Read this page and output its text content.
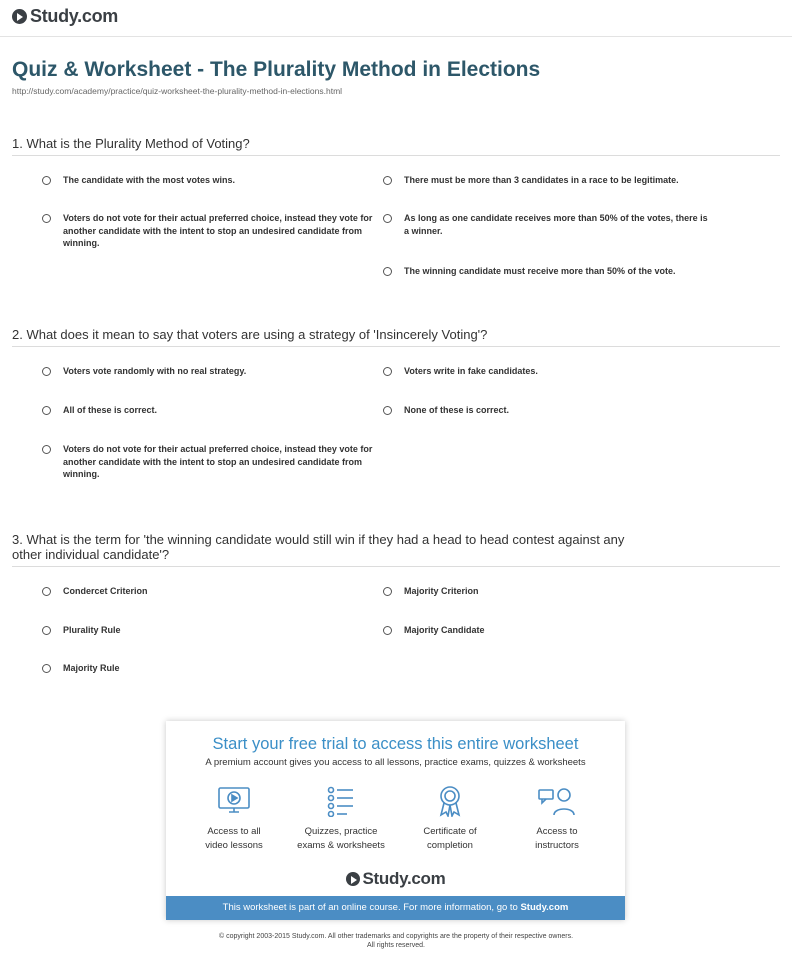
Study.com
Quiz & Worksheet - The Plurality Method in Elections
http://study.com/academy/practice/quiz-worksheet-the-plurality-method-in-elections.html
1. What is the Plurality Method of Voting?
The candidate with the most votes wins.	There must be more than 3 candidates in a race to be legitimate.
Voters do not vote for their actual preferred choice, instead they vote for another candidate with the intent to stop an undesired candidate from winning.
As long as one candidate receives more than 50% of the votes, there is a winner.
The winning candidate must receive more than 50% of the vote.
2. What does it mean to say that voters are using a strategy of 'Insincerely Voting'?
Voters vote randomly with no real strategy.	Voters write in fake candidates.
All of these is correct.	None of these is correct.
Voters do not vote for their actual preferred choice, instead they vote for another candidate with the intent to stop an undesired candidate from winning.
3. What is the term for 'the winning candidate would still win if they had a head to head contest against any other individual candidate'?
Condercet Criterion	Majority Criterion
Plurality Rule	Majority Candidate
Majority Rule
Start your free trial to access this entire worksheet
A premium account gives you access to all lessons, practice exams, quizzes & worksheets
Access to all
video lessons
Quizzes, practice
exams & worksheets
Certificate of
completion
Access to
instructors
Study.com
This worksheet is part of an online course. For more information, go to Study.com
© copyright 2003-2015 Study.com. All other trademarks and copyrights are the property of their respective owners.
All rights reserved.
